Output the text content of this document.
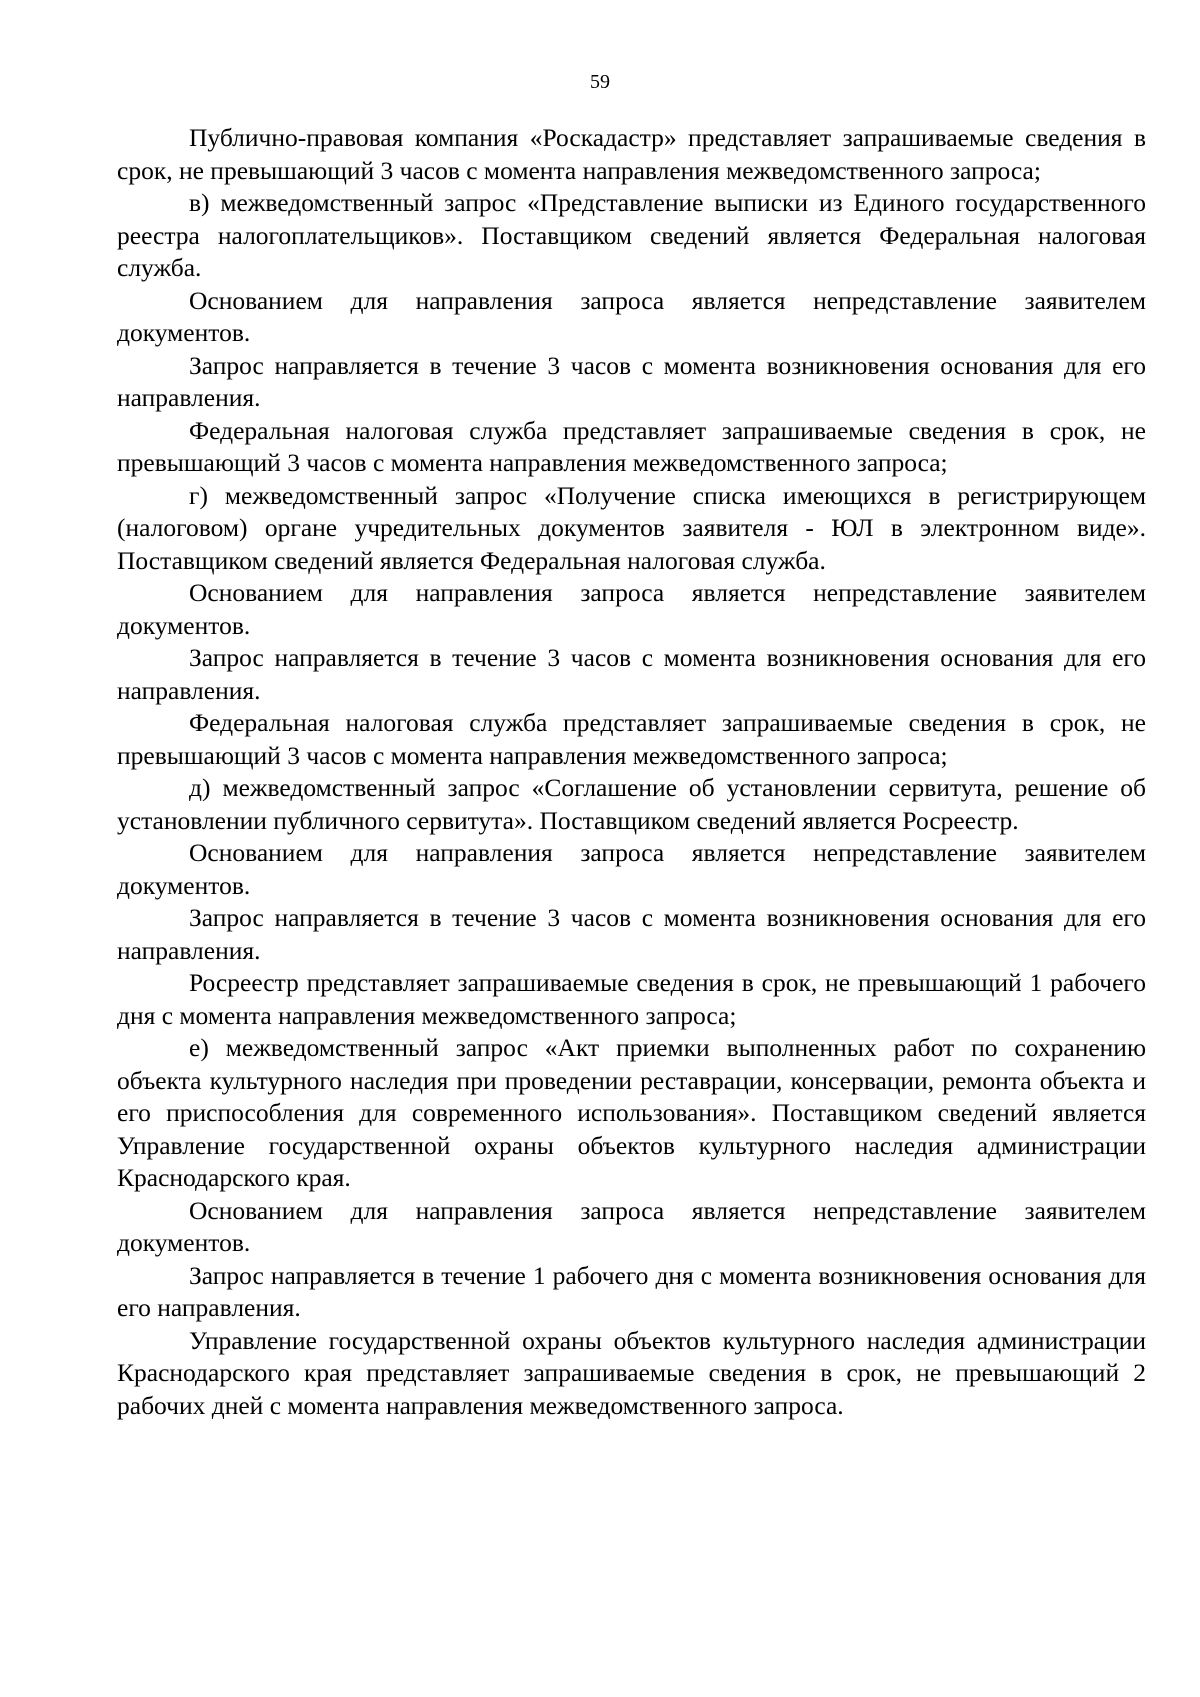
59

Публично-правовая компания «Роскадастр» представляет запрашиваемые сведения в срок, не превышающий 3 часов с момента направления межведомственного запроса;

в) межведомственный запрос «Представление выписки из Единого государственного реестра налогоплательщиков». Поставщиком сведений является Федеральная налоговая служба.

Основанием для направления запроса является непредставление заявителем документов.

Запрос направляется в течение 3 часов с момента возникновения основания для его направления.

Федеральная налоговая служба представляет запрашиваемые сведения в срок, не превышающий 3 часов с момента направления межведомственного запроса;

г) межведомственный запрос «Получение списка имеющихся в регистрирующем (налоговом) органе учредительных документов заявителя - ЮЛ в электронном виде». Поставщиком сведений является Федеральная налоговая служба.

Основанием для направления запроса является непредставление заявителем документов.

Запрос направляется в течение 3 часов с момента возникновения основания для его направления.

Федеральная налоговая служба представляет запрашиваемые сведения в срок, не превышающий 3 часов с момента направления межведомственного запроса;

д) межведомственный запрос «Соглашение об установлении сервитута, решение об установлении публичного сервитута». Поставщиком сведений является Росреестр.

Основанием для направления запроса является непредставление заявителем документов.

Запрос направляется в течение 3 часов с момента возникновения основания для его направления.

Росреестр представляет запрашиваемые сведения в срок, не превышающий 1 рабочего дня с момента направления межведомственного запроса;

е) межведомственный запрос «Акт приемки выполненных работ по сохранению объекта культурного наследия при проведении реставрации, консервации, ремонта объекта и его приспособления для современного использования». Поставщиком сведений является Управление государственной охраны объектов культурного наследия администрации Краснодарского края.

Основанием для направления запроса является непредставление заявителем документов.

Запрос направляется в течение 1 рабочего дня с момента возникновения основания для его направления.

Управление государственной охраны объектов культурного наследия администрации Краснодарского края представляет запрашиваемые сведения в срок, не превышающий 2 рабочих дней с момента направления межведомственного запроса.
